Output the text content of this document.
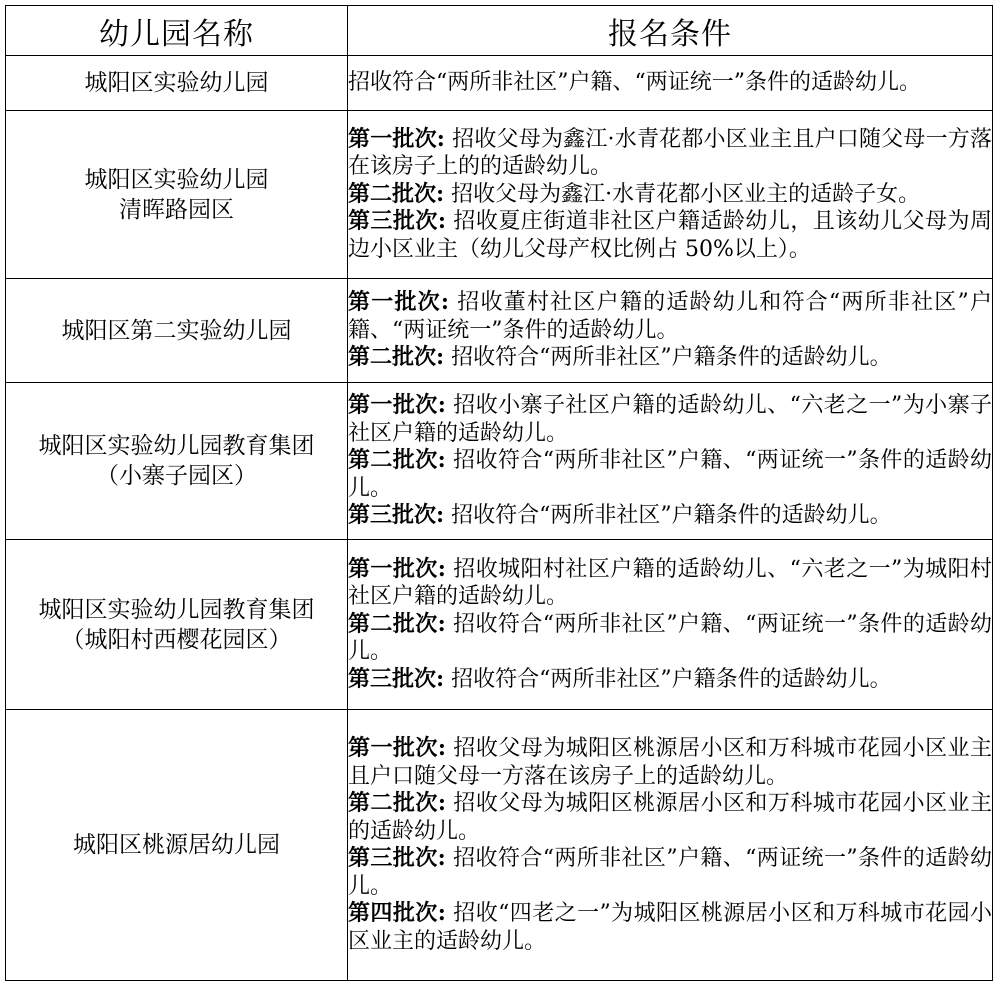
幼儿园名称	报名条件

城阳区实验幼儿园	招收符合“两所非社区”户籍、“两证统一”条件的适龄幼儿。

城阳区实验幼儿园
清晖路园区	第一批次: 招收父母为鑫江·水青花都小区业主且户口随父母一方落在该房子上的的适龄幼儿。
第二批次: 招收父母为鑫江·水青花都小区业主的适龄子女。
第三批次: 招收夏庄街道非社区户籍适龄幼儿，且该幼儿父母为周边小区业主（幼儿父母产权比例占 50%以上）。

城阳区第二实验幼儿园	第一批次: 招收董村社区户籍的适龄幼儿和符合“两所非社区”户籍、“两证统一”条件的适龄幼儿。
第二批次: 招收符合“两所非社区”户籍条件的适龄幼儿。

城阳区实验幼儿园教育集团
（小寨子园区）	第一批次: 招收小寨子社区户籍的适龄幼儿、“六老之一”为小寨子社区户籍的适龄幼儿。
第二批次: 招收符合“两所非社区”户籍、“两证统一”条件的适龄幼儿。
第三批次: 招收符合“两所非社区”户籍条件的适龄幼儿。

城阳区实验幼儿园教育集团
（城阳村西樱花园区）	第一批次: 招收城阳村社区户籍的适龄幼儿、“六老之一”为城阳村社区户籍的适龄幼儿。
第二批次: 招收符合“两所非社区”户籍、“两证统一”条件的适龄幼儿。
第三批次: 招收符合“两所非社区”户籍条件的适龄幼儿。

城阳区桃源居幼儿园	第一批次: 招收父母为城阳区桃源居小区和万科城市花园小区业主且户口随父母一方落在该房子上的适龄幼儿。
第二批次: 招收父母为城阳区桃源居小区和万科城市花园小区业主的适龄幼儿。
第三批次: 招收符合“两所非社区”户籍、“两证统一”条件的适龄幼儿。
第四批次: 招收“四老之一”为城阳区桃源居小区和万科城市花园小区业主的适龄幼儿。
